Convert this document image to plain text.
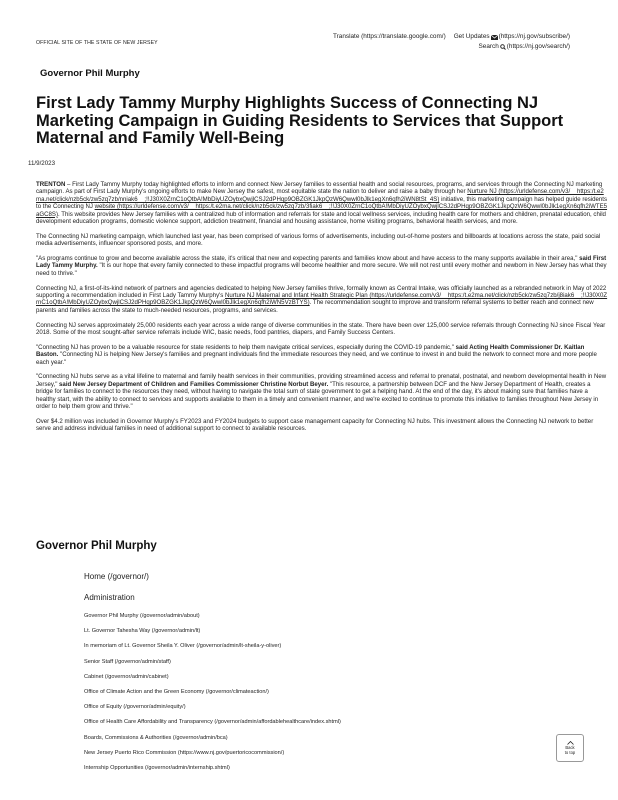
OFFICIAL SITE OF THE STATE OF NEW JERSEY
Translate (https://translate.google.com/) Get Updates (https://nj.gov/subscribe/)
Search (https://nj.gov/search/)
Governor Phil Murphy
First Lady Tammy Murphy Highlights Success of Connecting NJ Marketing Campaign in Guiding Residents to Services that Support Maternal and Family Well-Being
11/9/2023

TRENTON – First Lady Tammy Murphy today highlighted efforts to inform and connect New Jersey families to essential health and social resources, programs, and services through the Connecting NJ marketing campaign. As part of First Lady Murphy's ongoing efforts to make New Jersey the safest, most equitable state the nation to deliver and raise a baby through her Nurture NJ (https://urldefense.com/v3/__https:/t.e2ma.net/click/nzb5ck/zw5zq7zb/nniak6__;!!J30X0ZrnC1oQtbA!MbDiyUZOybxQwjlCSJ2dPHqp9OBZGK1JkpQzW6Qwwl0bJlk1egXn6qfh2iWN8tSt_4S) initiative, this marketing campaign has helped guide residents to the Connecting NJ website (https://urldefense.com/v3/__https:/t.e2ma.net/click/nzb5ck/zw5zq7zb/3fiak6__;!!J30X0ZrnC1oQtbA!MbDiyUZOybxQwjlCSJ2dPHqp9OBZGK1JkpQzW6Qwwl0bJlk1egXn6qfh2iWTE5aGC8S). This website provides New Jersey families with a centralized hub of information and referrals for state and local wellness services, including health care for mothers and children, prenatal education, child development education programs, domestic violence support, addiction treatment, financial and housing assistance, home visiting programs, behavioral health services, and more.

The Connecting NJ marketing campaign, which launched last year, has been comprised of various forms of advertisements, including out-of-home posters and billboards at locations across the state, paid social media advertisements, influencer sponsored posts, and more.

"As programs continue to grow and become available across the state, it's critical that new and expecting parents and families know about and have access to the many supports available in their area," said First Lady Tammy Murphy. "It is our hope that every family connected to these impactful programs will become healthier and more secure. We will not rest until every mother and newborn in New Jersey has what they need to thrive."

Connecting NJ, a first-of-its-kind network of partners and agencies dedicated to helping New Jersey families thrive, formally known as Central Intake, was officially launched as a rebranded network in May of 2022 supporting a recommendation included in First Lady Tammy Murphy's Nurture NJ Maternal and Infant Health Strategic Plan (https://urldefense.com/v3/__https:/t.e2ma.net/click/nzb5ck/zw5zq7zb/j8iak6__;!!J30X0ZrnC1oQtbA!MbDiyUZOybxQwjlCSJ2dPHqp9OBZGK1JkpQzW6Qwwl0bJlk1egXn6qfh2iWN5VzBTYS). The recommendation sought to improve and transform referral systems to better reach and connect new parents and families across the state to much-needed resources, programs, and services.

Connecting NJ serves approximately 25,000 residents each year across a wide range of diverse communities in the state. There have been over 125,000 service referrals through Connecting NJ since Fiscal Year 2018. Some of the most sought-after service referrals include WIC, basic needs, food pantries, diapers, and Family Success Centers.

"Connecting NJ has proven to be a valuable resource for state residents to help them navigate critical services, especially during the COVID-19 pandemic," said Acting Health Commissioner Dr. Kaitlan Baston. "Connecting NJ is helping New Jersey's families and pregnant individuals find the immediate resources they need, and we continue to invest in and build the network to connect more and more people each year."

"Connecting NJ hubs serve as a vital lifeline to maternal and family health services in their communities, providing streamlined access and referral to prenatal, postnatal, and newborn developmental health in New Jersey," said New Jersey Department of Children and Families Commissioner Christine Norbut Beyer. "This resource, a partnership between DCF and the New Jersey Department of Health, creates a bridge for families to connect to the resources they need, without having to navigate the total sum of state government to get a helping hand. At the end of the day, it's about making sure that families have a healthy start, with the ability to connect to services and supports available to them in a timely and convenient manner, and we're excited to continue to promote this initiative to families throughout New Jersey in order to help them grow and thrive."

Over $4.2 million was included in Governor Murphy's FY2023 and FY2024 budgets to support case management capacity for Connecting NJ hubs. This investment allows the Connecting NJ network to better serve and address individual families in need of additional support to connect to available resources.

Governor Phil Murphy
Home (/governor/)
Administration
Governor Phil Murphy (/governor/admin/about)
Lt. Governor Tahesha Way (/governor/admin/lt)
In memoriam of Lt. Governor Sheila Y. Oliver (/governor/admin/lt-sheila-y-oliver)
Senior Staff (/governor/admin/staff)
Cabinet (/governor/admin/cabinet)
Office of Climate Action and the Green Economy (/governor/climateaction/)
Office of Equity (/governor/admin/equity/)
Office of Health Care Affordability and Transparency (/governor/admin/affordablehealthcare/index.shtml)
Boards, Commissions & Authorities (/governor/admin/bca)
New Jersey Puerto Rico Commission (https://www.nj.gov/puertoricocommission/)
Internship Opportunities (/governor/admin/internship.shtml)
Back
to top
